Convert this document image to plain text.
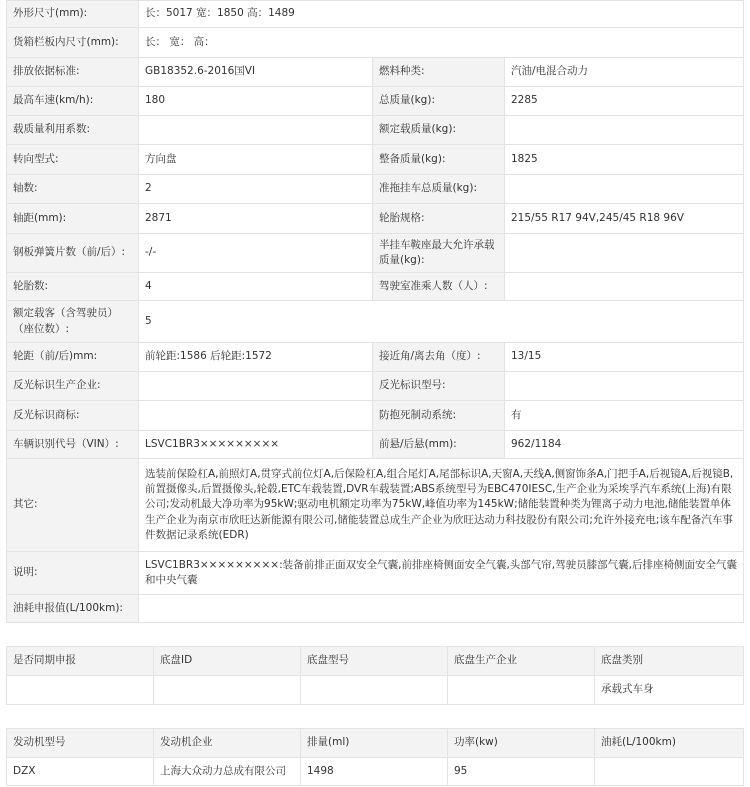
外形尺寸(mm):	长：5017 宽：1850 高：1489		
货箱栏板内尺寸(mm):	长： 宽： 高：		
排放依据标准:	GB18352.6-2016国VI	燃料种类:	汽油/电混合动力
最高车速(km/h):	180	总质量(kg):	2285
载质量利用系数:		额定载质量(kg):	
转向型式:	方向盘	整备质量(kg):	1825
轴数:	2	准拖挂车总质量(kg):	
轴距(mm):	2871	轮胎规格:	215/55 R17 94V,245/45 R18 96V
钢板弹簧片数（前/后）:	-/-	半挂车鞍座最大允许承载质量(kg):	
轮胎数:	4	驾驶室准乘人数（人）:	
额定载客（含驾驶员）（座位数）:	5		
轮距（前/后)mm:	前轮距:1586 后轮距:1572	接近角/离去角（度）:	13/15
反光标识生产企业:		反光标识型号:	
反光标识商标:		防抱死制动系统:	有
车辆识别代号（VIN）:	LSVC1BR3×××××××××	前悬/后悬(mm):	962/1184
其它:	选装前保险杠A,前照灯A,贯穿式前位灯A,后保险杠A,组合尾灯A,尾部标识A,天窗A,天线A,侧窗饰条A,门把手A,后视镜A,后视镜B,前置摄像头,后置摄像头,轮毂,ETC车载装置,DVR车载装置;ABS系统型号为EBC470IESC,生产企业为采埃孚汽车系统(上海)有限公司;发动机最大净功率为95kW;驱动电机额定功率为75kW,峰值功率为145kW;储能装置种类为锂离子动力电池,储能装置单体生产企业为南京市欣旺达新能源有限公司,储能装置总成生产企业为欣旺达动力科技股份有限公司;允许外接充电;该车配备汽车事件数据记录系统(EDR)		
说明:	LSVC1BR3×××××××××:装备前排正面双安全气囊,前排座椅侧面安全气囊,头部气帘,驾驶员膝部气囊,后排座椅侧面安全气囊和中央气囊		
油耗申报值(L/100km):			
是否同期申报	底盘ID	底盘型号	底盘生产企业	底盘类别
				承载式车身
发动机型号	发动机企业	排量(ml)	功率(kw)	油耗(L/100km)
DZX	上海大众动力总成有限公司	1498	95	
